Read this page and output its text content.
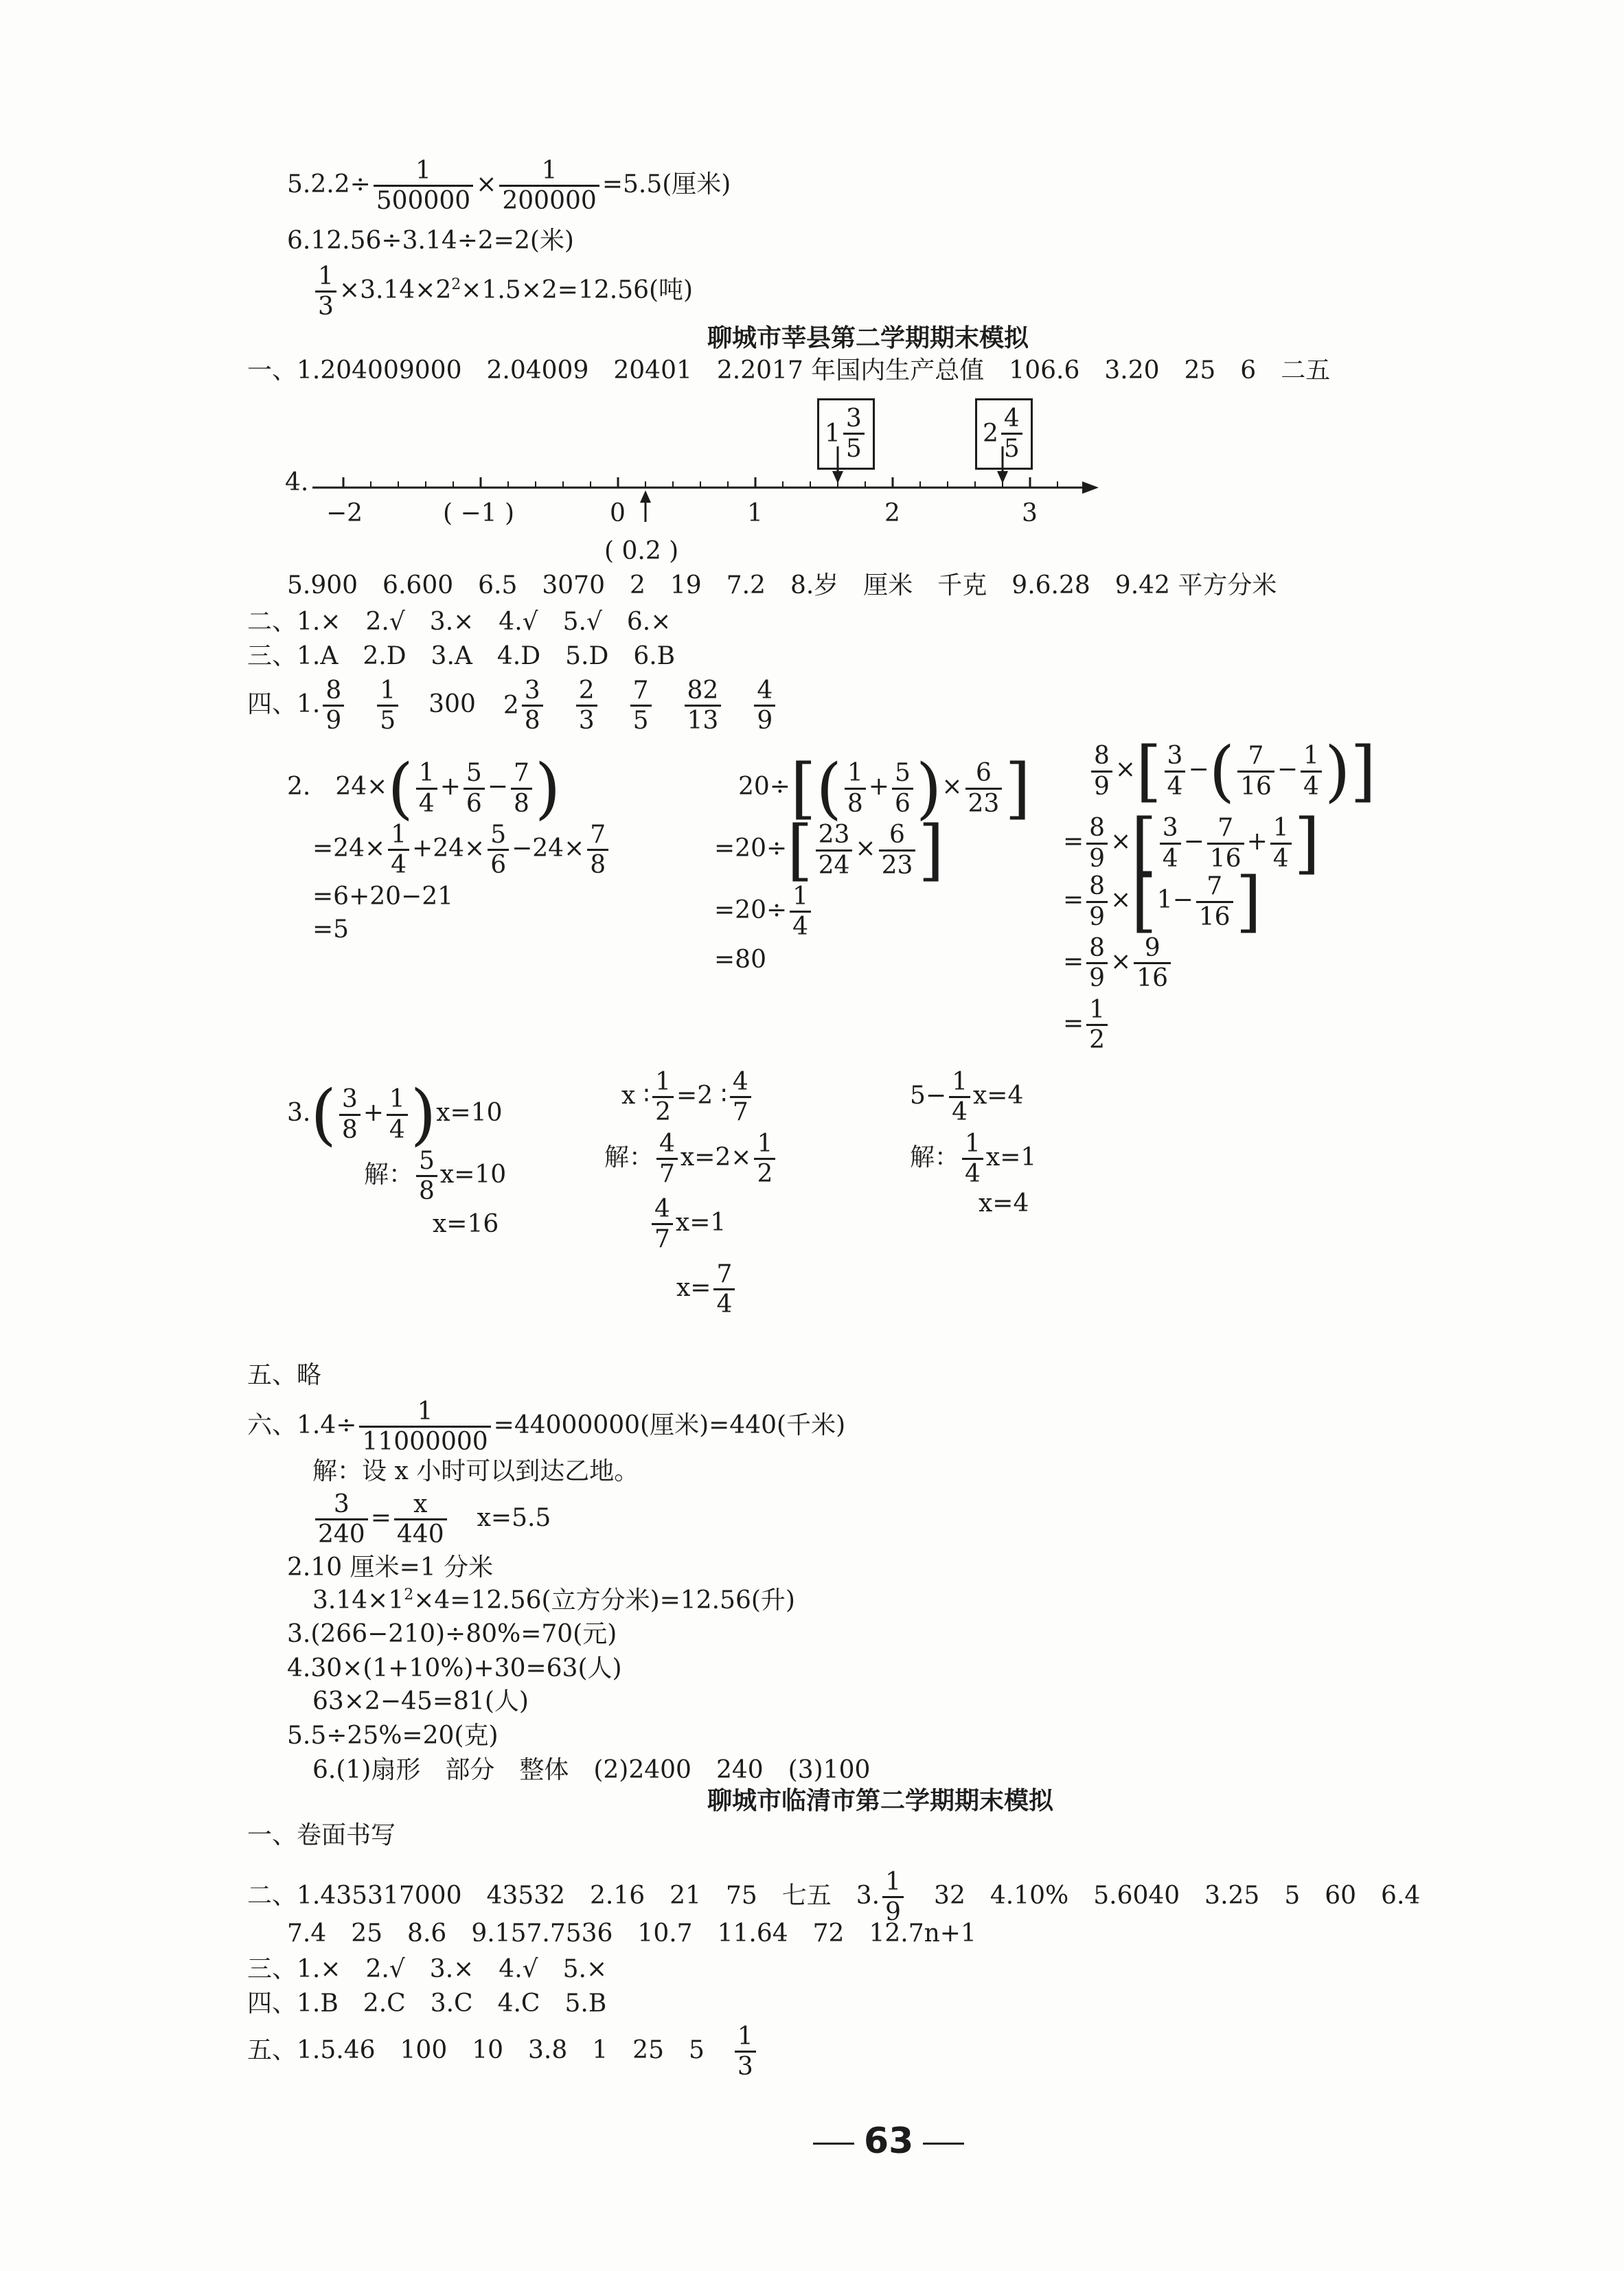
$5.2.2\div \frac{1}{500000} \times \frac{1}{200000} =5.5$(厘米)
6.12.56÷3.14÷2=2(米)
$\frac{1}{3} \times 3.14\times 2^2\times 1.5\times 2=12.56$(吨)
聊城市莘县第二学期期末模拟
一、1.204009000　2.04009　20401　2.2017 年国内生产总值　106.6　3.20　25　6　二五
1
3
5
2
4
5
4.
−2	( −1 )	0	1	2	3
( 0.2 )
5.900　6.600　6.5　3070　2　19　7.2　8.岁　厘米　千克　9.6.28　9.42 平方分米
二、1.×　2.√　3.×　4.√　5.√　6.×
三、1.A　2.D　3.A　4.D　5.D　6.B
四、1. $\frac{8}{9} \frac{1}{5} 300$ 2
3
$8 \frac{2}{3} \frac{7}{5} \frac{82}{13} \frac{4}{9}$
2.　$24\times( \frac{1}{4} + \frac{5}{6} - \frac{7}{8}$ )
$=24\times \frac{1}{4} +24\times \frac{5}{6} -24\times \frac{7}{8}$
=6+20−21
=5
$20\div[( \frac{1}{8} + \frac{5}{6}$ )× $\frac{6}{23}$ ]
$=20\div[ \frac{23}{24} \times \frac{6}{23}$ ]
$=20\div \frac{1}{4}$
=80
$\frac{8}{9}$ ×[ $\frac{3}{4}$ −( $\frac{7}{16} - \frac{1}{4}$ )]
= $\frac{8}{9}$ ×[ $\frac{3}{4} - \frac{7}{16} + \frac{1}{4}$ ]
= $\frac{8}{9} \times[1- \frac{7}{16}$ ]
= $\frac{8}{9} \times \frac{9}{16}$
= $\frac{1}{2}$
$3.( \frac{3}{8} + \frac{1}{4} )x=10$
解： $\frac{5}{8} x=10$
x=16
x ∶ $\frac{1}{2} =2$ ∶ $\frac{4}{7}$
解： $\frac{4}{7} x=2\times \frac{1}{2}$
$\frac{4}{7} x=1$
$x= \frac{7}{4}$
$5- \frac{1}{4} x=4$
解： $\frac{1}{4} x=1$
x=4
五、略
六、$1.4\div \frac{1}{11000000} =44000000$(厘米)=440(千米)
解：设 x 小时可以到达乙地。
$\frac{3}{240} = \frac{x}{440} x=5.5$
2.10 厘米=1 分米
$3.14\times 1^2\times 4=12.56$(立方分米)=12.56(升)
3.(266−210)÷80%=70(元)
4.30×(1+10%)+30=63(人)
63×2−45=81(人)
5.5÷25%=20(克)
6.(1)扇形　部分　整体　(2)2400　240　(3)100
聊城市临清市第二学期期末模拟
一、卷面书写
二、1.435317000　43532　2.16　21　75　七五　3. $\frac{1}{9} 32$　4.10%　5.6040　3.25　5　60　6.4
7.4　25　8.6　9.157.7536　10.7　11.64　72　12.7n+1
三、1.×　2.√　3.×　4.√　5.×
四、1.B　2.C　3.C　4.C　5.B
五、1.5.46　100　10　3.8　1　25　$5 \frac{1}{3}$
63
